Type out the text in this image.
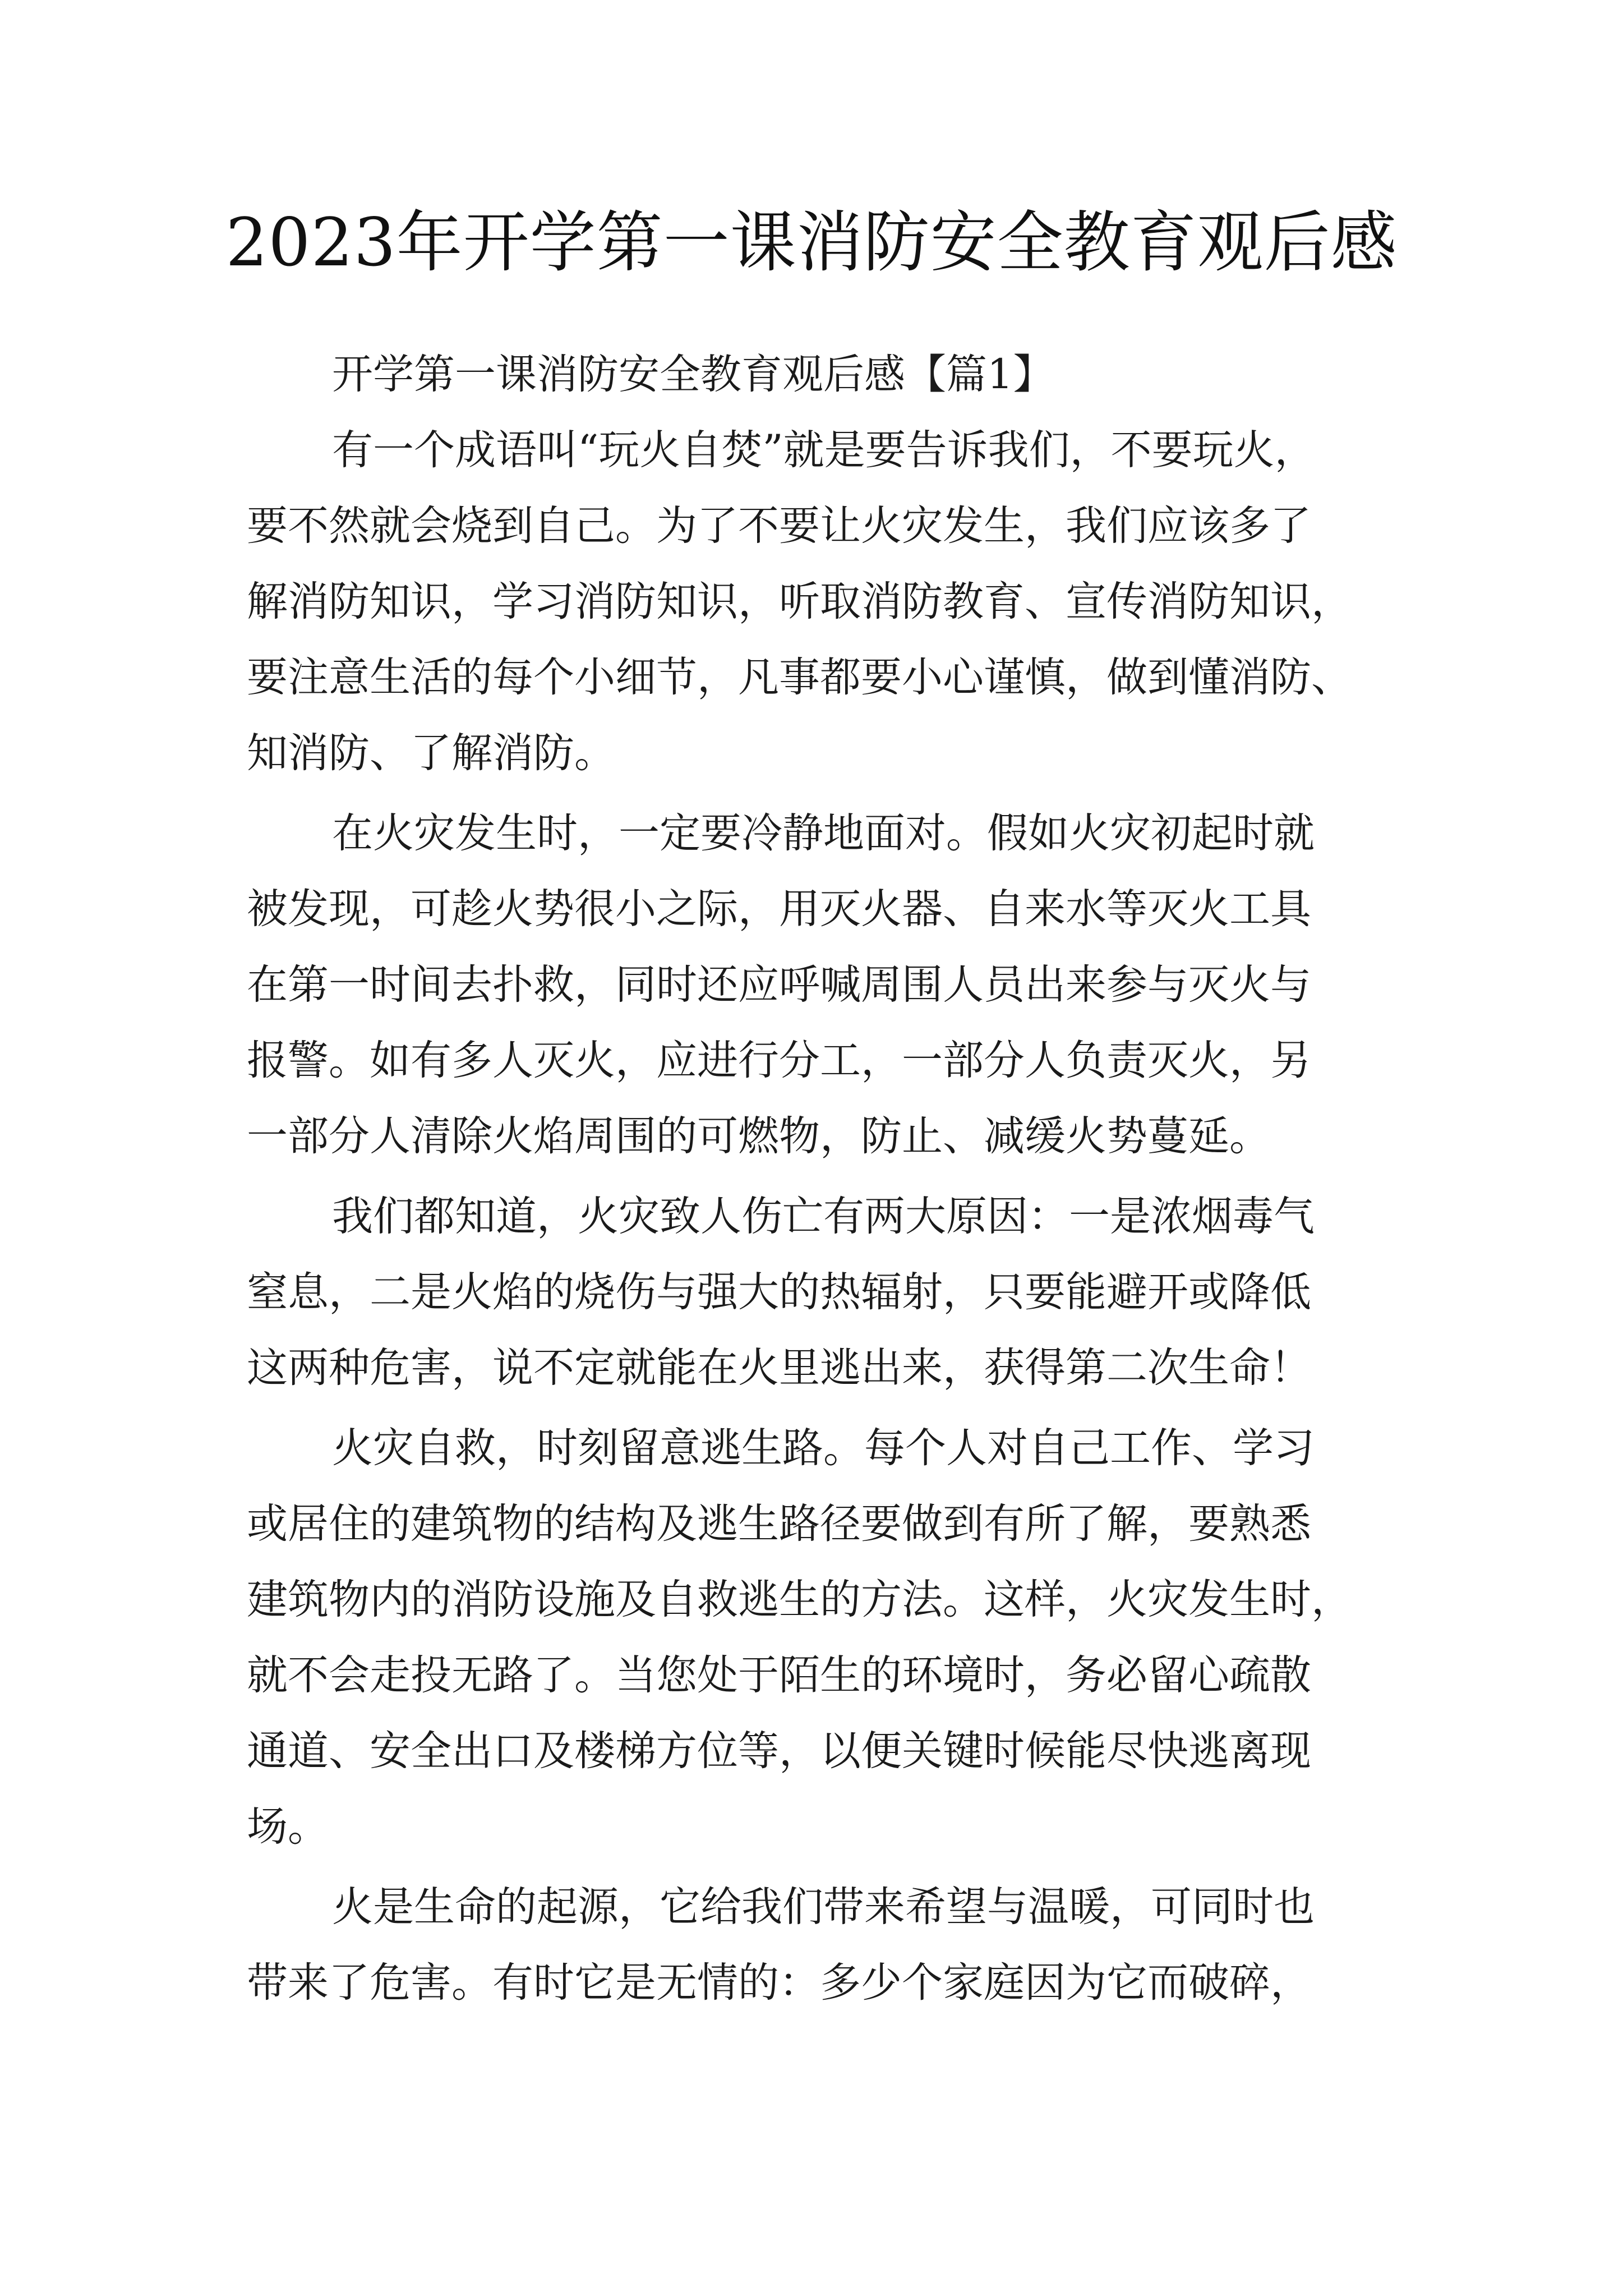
2023年开学第一课消防安全教育观后感
开学第一课消防安全教育观后感【篇1】
有一个成语叫“玩火自焚”就是要告诉我们，不要玩火，
要不然就会烧到自己。为了不要让火灾发生，我们应该多了
解消防知识，学习消防知识，听取消防教育、宣传消防知识，
要注意生活的每个小细节，凡事都要小心谨慎，做到懂消防、
知消防、了解消防。
在火灾发生时，一定要冷静地面对。假如火灾初起时就
被发现，可趁火势很小之际，用灭火器、自来水等灭火工具
在第一时间去扑救，同时还应呼喊周围人员出来参与灭火与
报警。如有多人灭火，应进行分工，一部分人负责灭火，另
一部分人清除火焰周围的可燃物，防止、减缓火势蔓延。
我们都知道，火灾致人伤亡有两大原因：一是浓烟毒气
窒息，二是火焰的烧伤与强大的热辐射，只要能避开或降低
这两种危害，说不定就能在火里逃出来，获得第二次生命！
火灾自救，时刻留意逃生路。每个人对自己工作、学习
或居住的建筑物的结构及逃生路径要做到有所了解，要熟悉
建筑物内的消防设施及自救逃生的方法。这样，火灾发生时，
就不会走投无路了。当您处于陌生的环境时，务必留心疏散
通道、安全出口及楼梯方位等，以便关键时候能尽快逃离现
场。
火是生命的起源，它给我们带来希望与温暖，可同时也
带来了危害。有时它是无情的：多少个家庭因为它而破碎，
